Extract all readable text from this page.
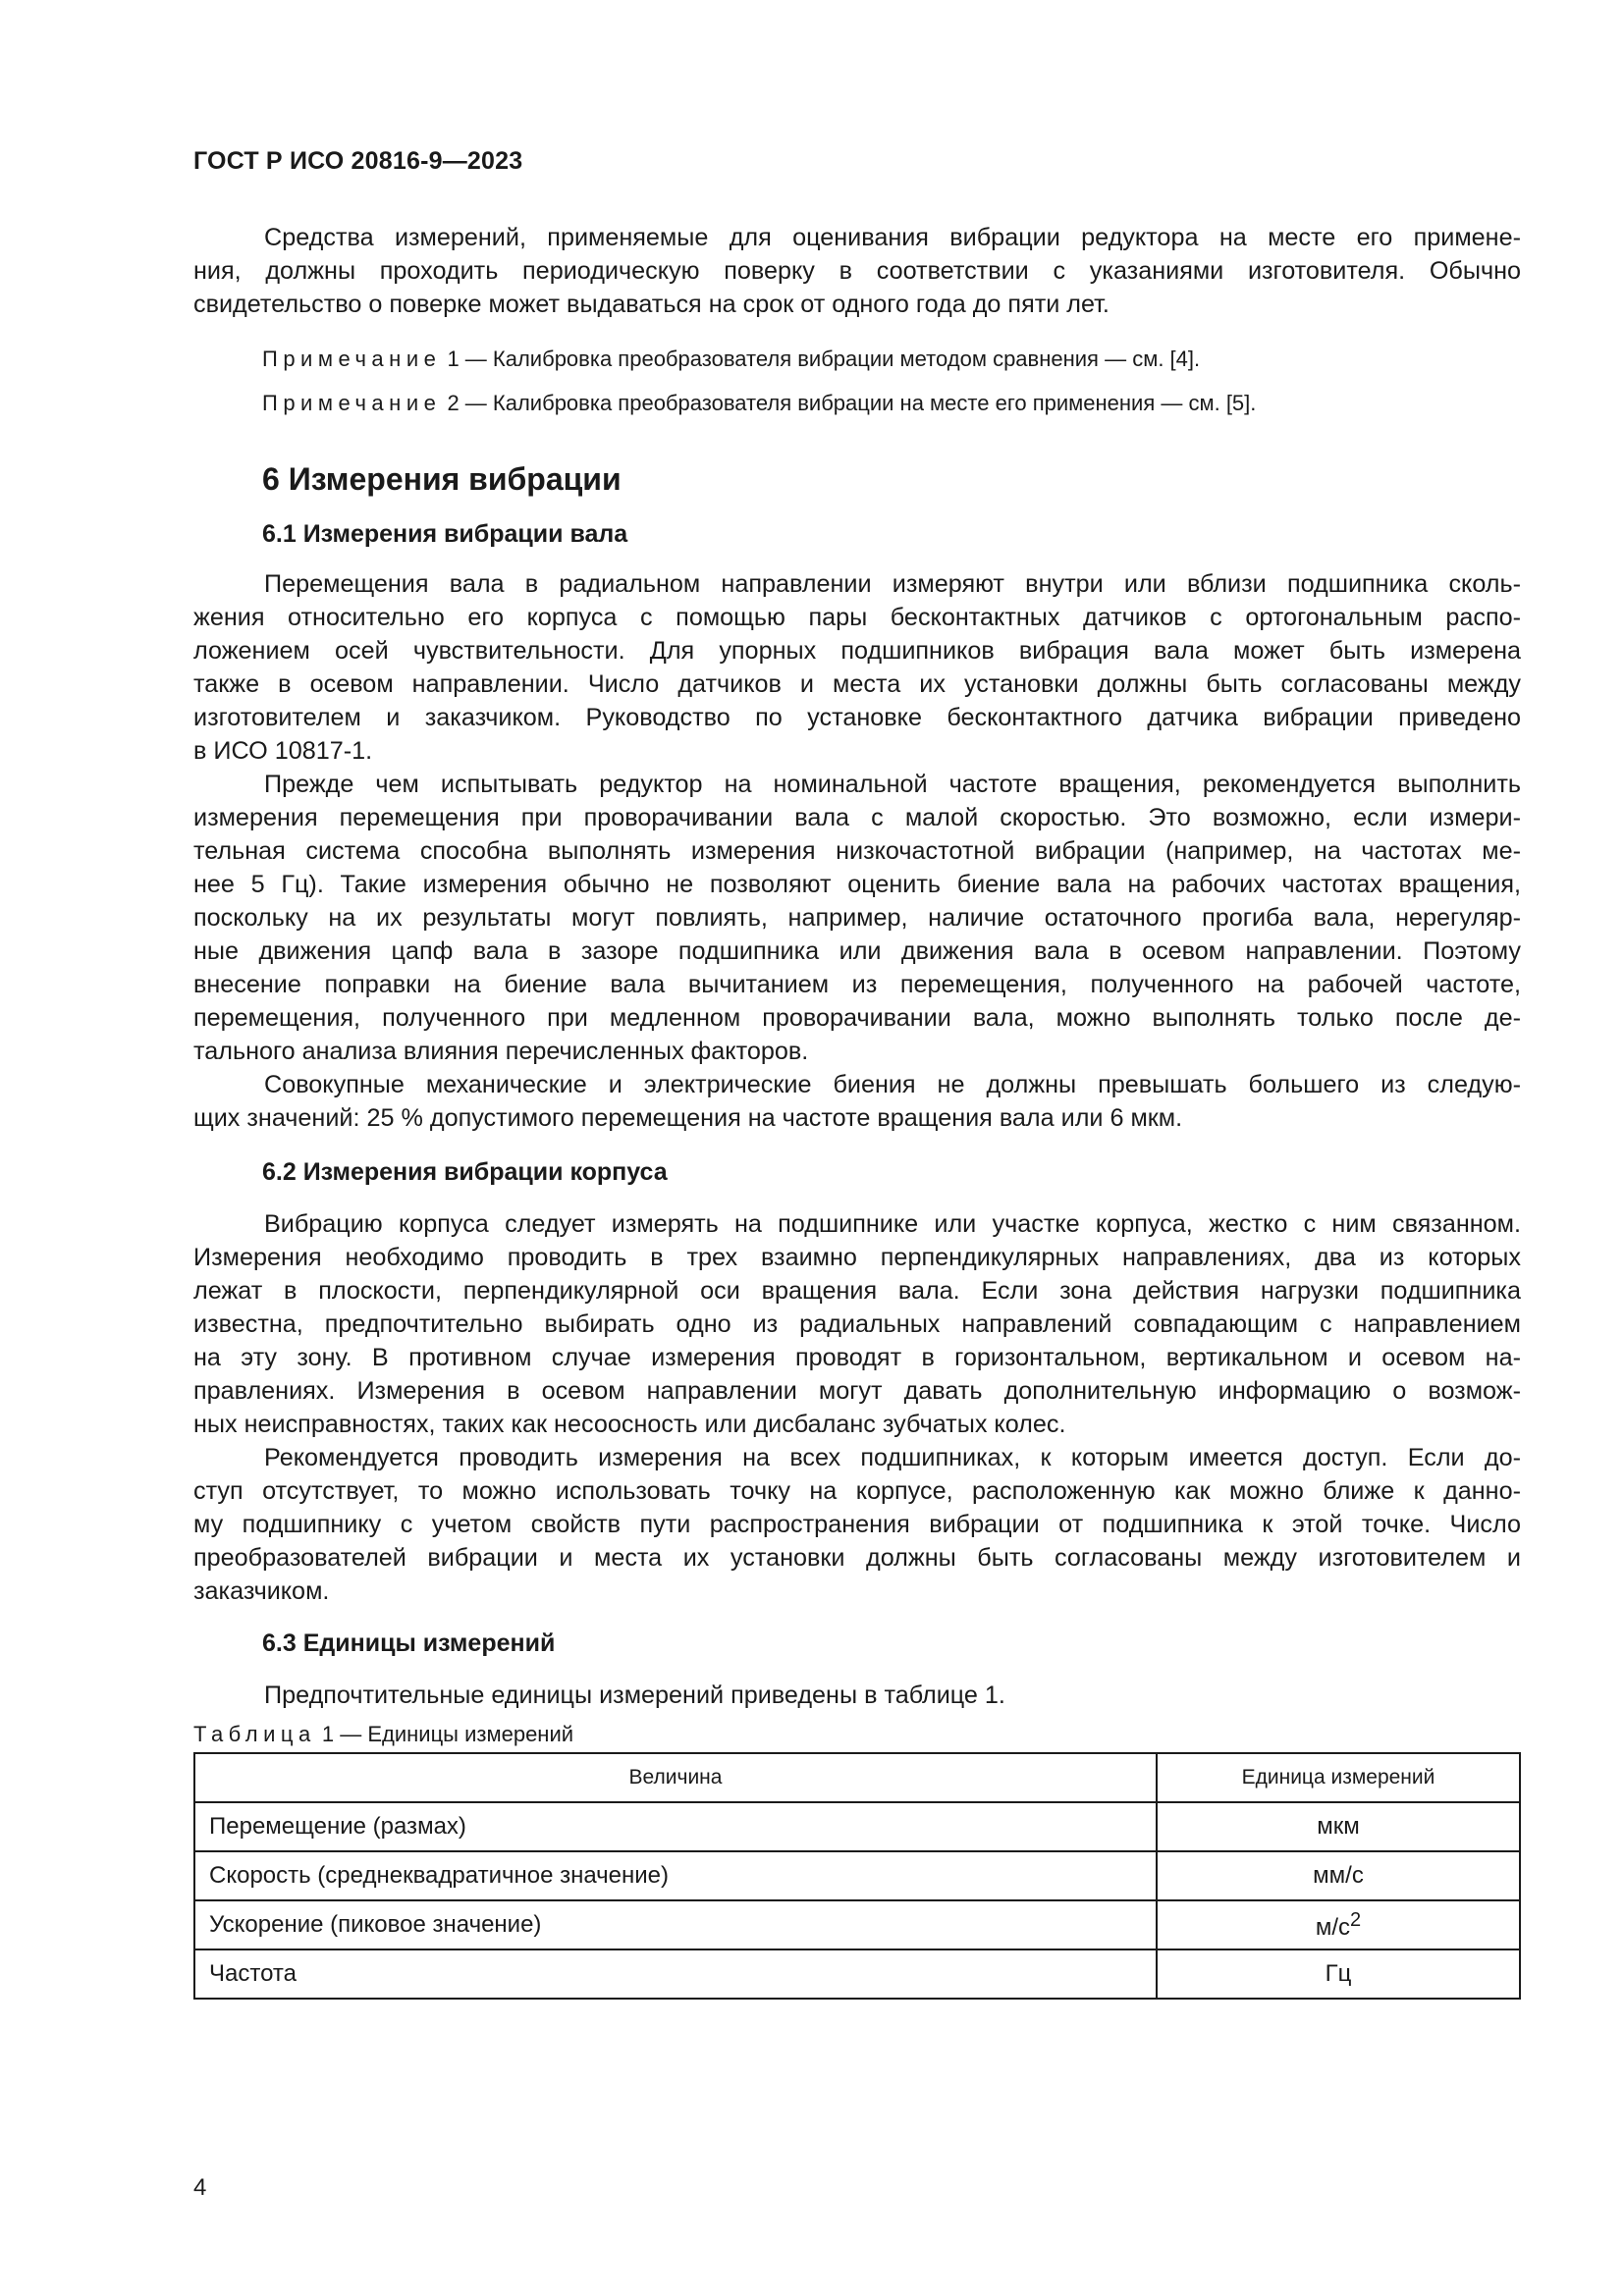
ГОСТ Р ИСО 20816-9—2023
Средства измерений, применяемые для оценивания вибрации редуктора на месте его примене-
ния, должны проходить периодическую поверку в соответствии с указаниями изготовителя. Обычно
свидетельство о поверке может выдаваться на срок от одного года до пяти лет.
Примечание 1 — Калибровка преобразователя вибрации методом сравнения — см. [4].
Примечание 2 — Калибровка преобразователя вибрации на месте его применения — см. [5].
6 Измерения вибрации
6.1 Измерения вибрации вала
Перемещения вала в радиальном направлении измеряют внутри или вблизи подшипника сколь-
жения относительно его корпуса с помощью пары бесконтактных датчиков с ортогональным распо-
ложением осей чувствительности. Для упорных подшипников вибрация вала может быть измерена
также в осевом направлении. Число датчиков и места их установки должны быть согласованы между
изготовителем и заказчиком. Руководство по установке бесконтактного датчика вибрации приведено
в ИСО 10817-1.
Прежде чем испытывать редуктор на номинальной частоте вращения, рекомендуется выполнить
измерения перемещения при проворачивании вала с малой скоростью. Это возможно, если измери-
тельная система способна выполнять измерения низкочастотной вибрации (например, на частотах ме-
нее 5 Гц). Такие измерения обычно не позволяют оценить биение вала на рабочих частотах вращения,
поскольку на их результаты могут повлиять, например, наличие остаточного прогиба вала, нерегуляр-
ные движения цапф вала в зазоре подшипника или движения вала в осевом направлении. Поэтому
внесение поправки на биение вала вычитанием из перемещения, полученного на рабочей частоте,
перемещения, полученного при медленном проворачивании вала, можно выполнять только после де-
тального анализа влияния перечисленных факторов.
Совокупные механические и электрические биения не должны превышать большего из следую-
щих значений: 25 % допустимого перемещения на частоте вращения вала или 6 мкм.
6.2 Измерения вибрации корпуса
Вибрацию корпуса следует измерять на подшипнике или участке корпуса, жестко с ним связанном.
Измерения необходимо проводить в трех взаимно перпендикулярных направлениях, два из которых
лежат в плоскости, перпендикулярной оси вращения вала. Если зона действия нагрузки подшипника
известна, предпочтительно выбирать одно из радиальных направлений совпадающим с направлением
на эту зону. В противном случае измерения проводят в горизонтальном, вертикальном и осевом на-
правлениях. Измерения в осевом направлении могут давать дополнительную информацию о возмож-
ных неисправностях, таких как несоосность или дисбаланс зубчатых колес.
Рекомендуется проводить измерения на всех подшипниках, к которым имеется доступ. Если до-
ступ отсутствует, то можно использовать точку на корпусе, расположенную как можно ближе к данно-
му подшипнику с учетом свойств пути распространения вибрации от подшипника к этой точке. Число
преобразователей вибрации и места их установки должны быть согласованы между изготовителем и
заказчиком.
6.3 Единицы измерений
Предпочтительные единицы измерений приведены в таблице 1.
Таблица 1 — Единицы измерений
Величина	Единица измерений
Перемещение (размах)	мкм
Скорость (среднеквадратичное значение)	мм/с
Ускорение (пиковое значение)	$м/с^2$
Частота	Гц
4
